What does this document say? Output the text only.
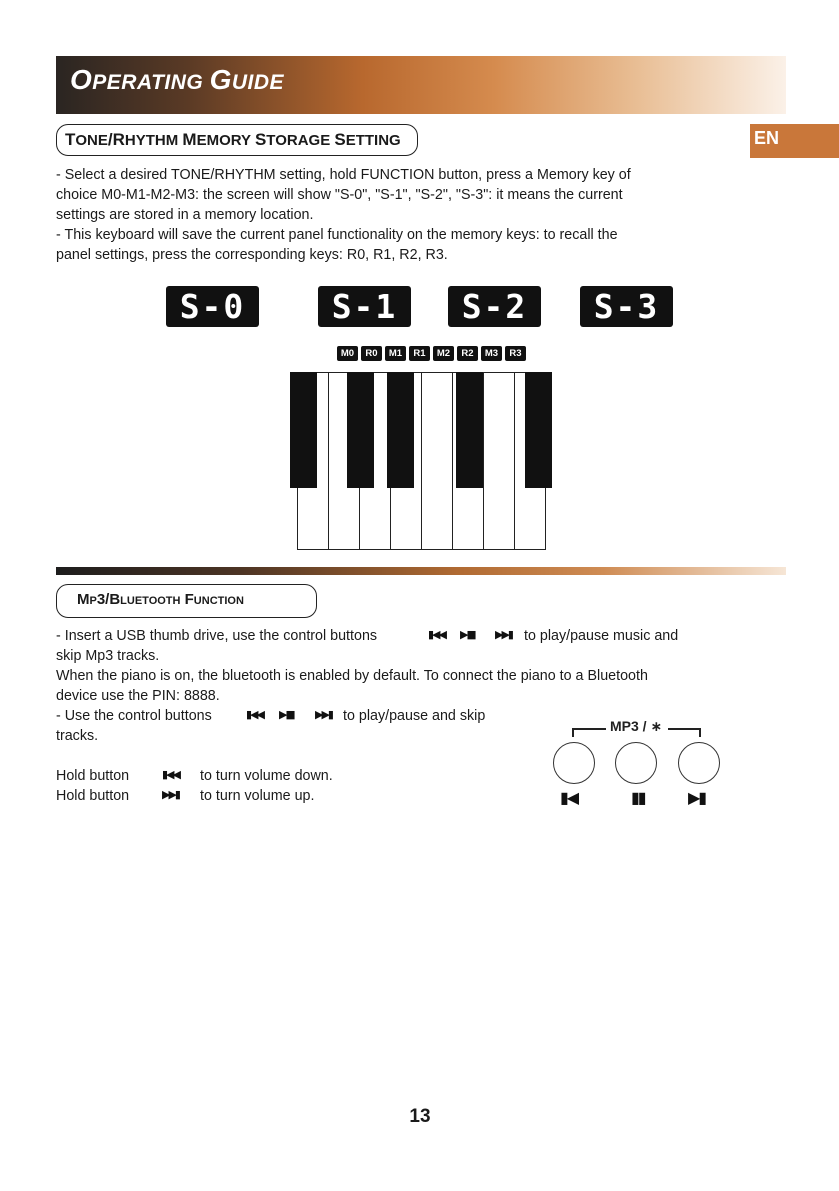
OPERATING GUIDE
EN
TONE/RHYTHM MEMORY STORAGE SETTING
- Select a desired TONE/RHYTHM setting, hold FUNCTION button, press a Memory key of
choice M0-M1-M2-M3: the screen will show "S-0", "S-1", "S-2", "S-3": it means the current
settings are stored in a memory location.
- This keyboard will save the current panel functionality on the memory keys: to recall the
panel settings, press the corresponding keys: R0, R1, R2, R3.
S-0	S-1	S-2	S-3
M0	R0	M1	R1	M2	R2	M3	R3
Mp3/Bluetooth Function
- Insert a USB thumb drive, use the control buttons	▮◀◀ ▶▮▮ ▶▶▮ to play/pause music and
skip Mp3 tracks.
When the piano is on, the bluetooth is enabled by default. To connect the piano to a Bluetooth
device use the PIN: 8888.
- Use the control buttons	▮◀◀ ▶▮▮ ▶▶▮ to play/pause and skip
tracks.
Hold button	▮◀◀ to turn volume down.
Hold button	▶▶▮ to turn volume up.
MP3 / ∗
▮◀	▮▮	▶▮
13
